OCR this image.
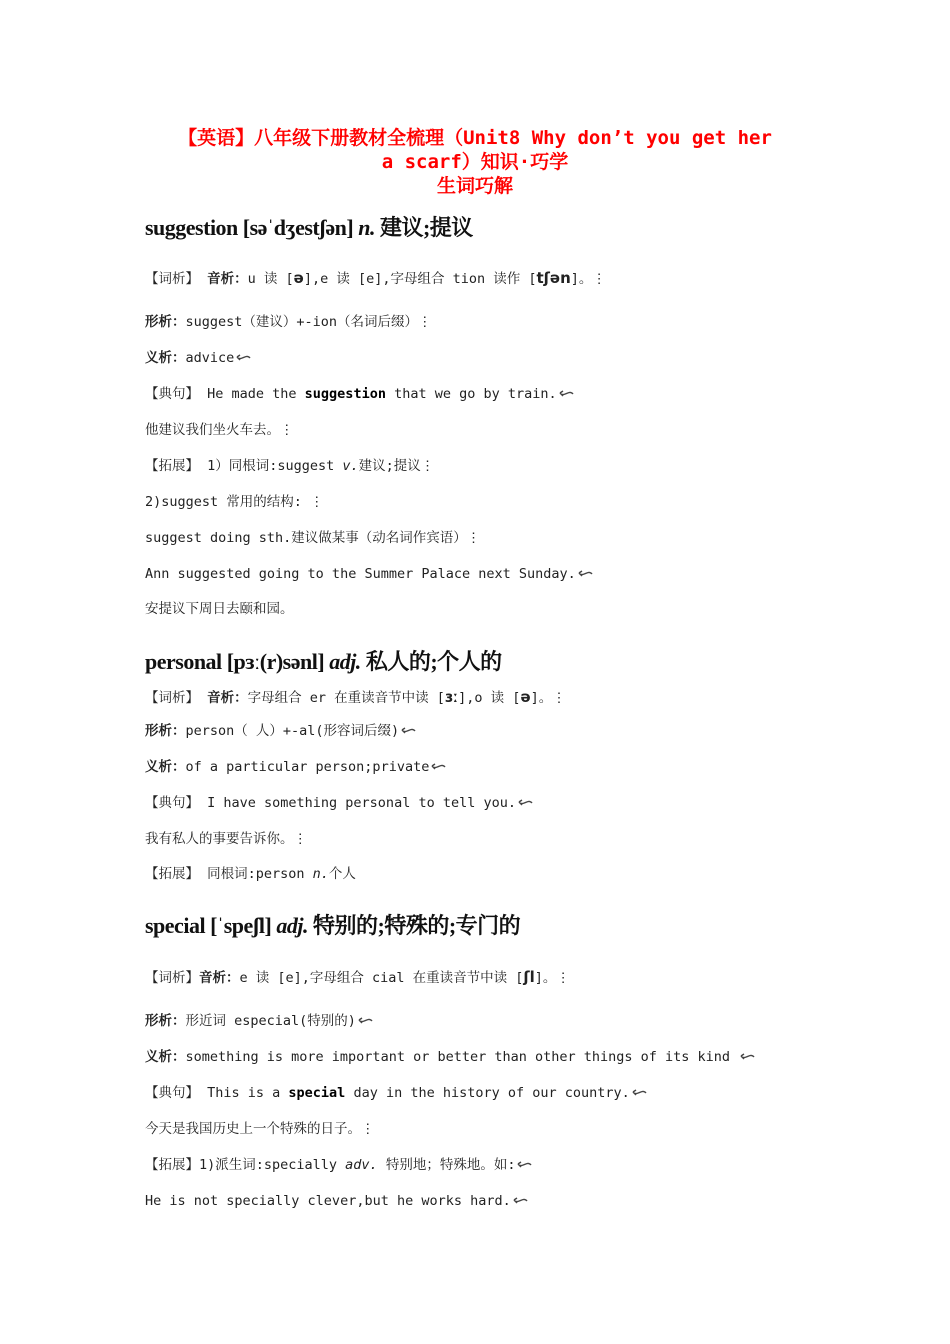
【英语】八年级下册教材全梳理（Unit8 Why don’t you get her
a scarf）知识·巧学
生词巧解
suggestion [səˈdʒestʃən] n. 建议;提议
【词析】 音析：u 读 [ə],e 读 [e],字母组合 tion 读作 [tʃən]。⋮
形析：suggest（建议）+-ion（名词后缀）⋮
义析：advice
【典句】 He made the suggestion that we go by train.
他建议我们坐火车去。⋮
【拓展】 1）同根词:suggest v.建议;提议⋮
2)suggest 常用的结构: ⋮
suggest doing sth.建议做某事（动名词作宾语）⋮
Ann suggested going to the Summer Palace next Sunday.
安提议下周日去颐和园。
personal [pɜː(r)sənl] adj. 私人的;个人的
【词析】 音析：字母组合 er 在重读音节中读 [ɜː],o 读 [ə]。⋮
形析：person（ 人）+-al(形容词后缀)
义析：of a particular person;private
【典句】 I have something personal to tell you.
我有私人的事要告诉你。⋮
【拓展】 同根词:person n.个人
special [ˈspeʃl] adj. 特别的;特殊的;专门的
【词析】音析：e 读 [e],字母组合 cial 在重读音节中读 [ʃl]。⋮
形析：形近词 especial(特别的)
义析：something is more important or better than other things of its kind
【典句】 This is a special day in the history of our country.
今天是我国历史上一个特殊的日子。⋮
【拓展】1)派生词:specially adv. 特别地；特殊地。如:
He is not specially clever,but he works hard.
